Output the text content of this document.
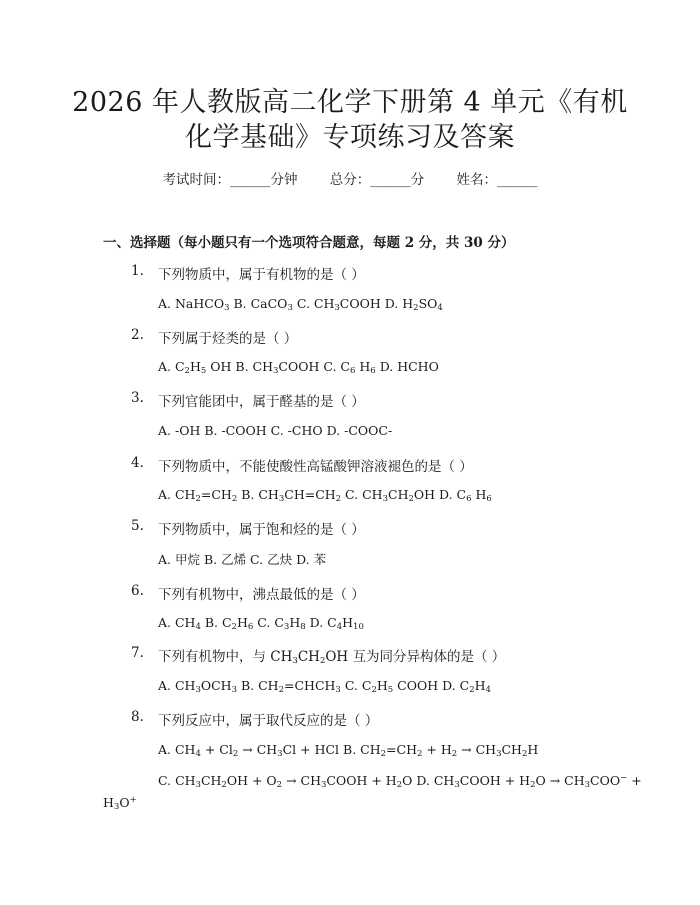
2026 年人教版高二化学下册第 4 单元《有机
化学基础》专项练习及答案
考试时间：______分钟 总分：______分 姓名：______
一、选择题（每小题只有一个选项符合题意，每题 2 分，共 30 分）
1. 下列物质中，属于有机物的是（ ）
A. NaHCO$_3$ B. CaCO$_3$ C. $CH_3COOH$ D. $H_2SO_4$
2. 下列属于烃类的是（ ）
A. $C_2H_5$ OH B. $CH_3COOH$ C. $C_6$ $H_6$ D. HCHO
3. 下列官能团中，属于醛基的是（ ）
A. -OH B. -COOH C. -CHO D. -COOC-
4. 下列物质中，不能使酸性高锰酸钾溶液褪色的是（ ）
A. $CH_2=CH_2$ B. $CH_3CH=CH_2$ C. $CH_3CH_2OH$ D. $C_6$ $H_6$
5. 下列物质中，属于饱和烃的是（ ）
A. 甲烷 B. 乙烯 C. 乙炔 D. 苯
6. 下列有机物中，沸点最低的是（ ）
A. $CH_4$ B. $C_2H_6$ C. $C_3H_8$ D. $C_4H_{10}$
7. 下列有机物中，与 $CH_3CH_2OH$ 互为同分异构体的是（ ）
A. $CH_3OCH_3$ B. $CH_2=CHCH_3$ C. $C_2H_5$ COOH D. $C_2H_4$
8. 下列反应中，属于取代反应的是（ ）
A. $CH_4 + Cl_2 \to CH_3Cl$ + HCl B. $CH_2=CH_2 + H_2 \to CH_3CH_2H$
C. $CH_3CH_2OH + O_2$ → $CH_3COOH + H_2O$ D. $CH_3COOH + H_2O \to CH_3COO^-$ +
$H_3O^+$
